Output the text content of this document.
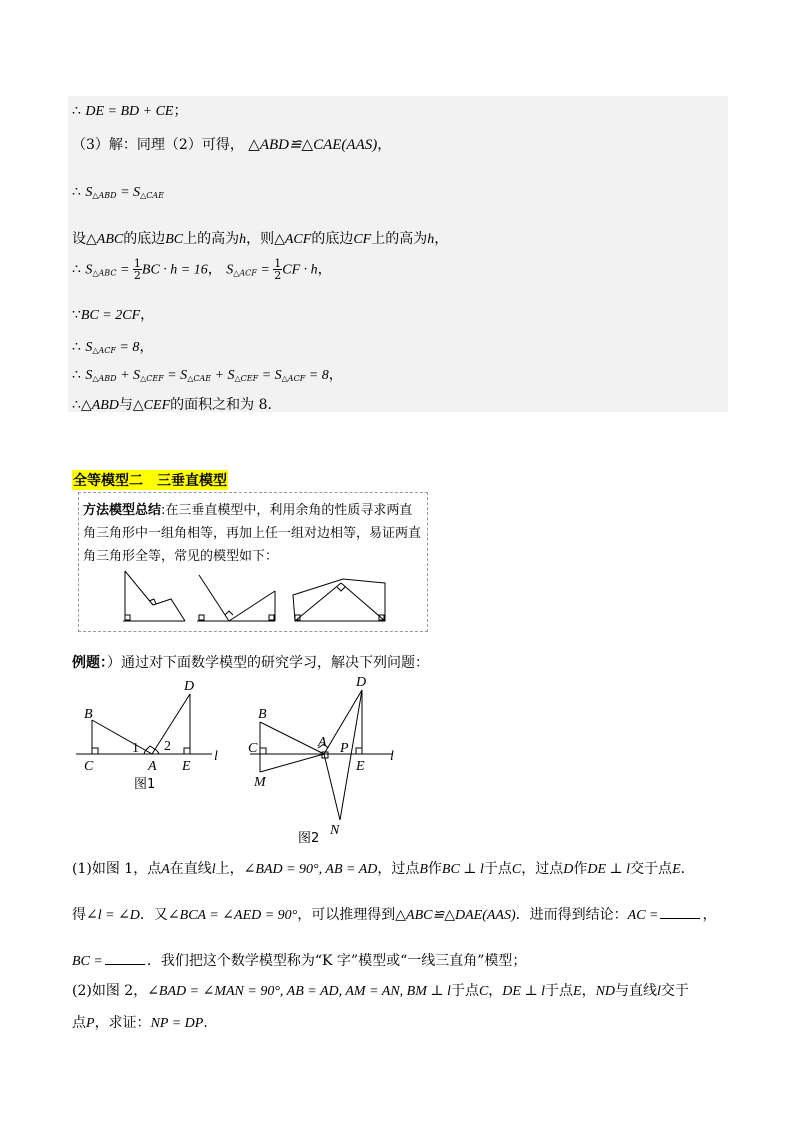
∴ DE = BD + CE；
（3）解：同理（2）可得， △ABD≌△CAE(AAS)，
∴ $S_{\triangle ABD} = S_{\triangle CAE}$
设△ABC的底边BC上的高为h，则△ACF的底边CF上的高为h，
∴ $S_{\triangle ABC} = \frac{1}{2}$ BC · h = 16， $S_{\triangle ACF} = \frac{1}{2}$ CF · h，
∵BC = 2CF，
∴ $S_{\triangle ACF} = 8$，
∴ $S_{\triangle ABD} + S_{\triangle CEF} = S_{\triangle CAE} + S_{\triangle CEF} = S_{\triangle ACF} = 8$，
∴△ABD与△CEF的面积之和为 8.
全等模型二　三垂直模型
方法模型总结:在三垂直模型中，利用余角的性质寻求两直角三角形中一组角相等，再加上任一组对边相等，易证两直角三角形全等，常见的模型如下：
例题：）通过对下面数学模型的研究学习，解决下列问题：
B
D
C	A E
l
1 2
图1
B
C
M
A
D
P
E
l
N
图2
(1)如图 1，点A在直线l上，∠BAD = 90°, AB = AD，过点B作BC ⊥ l于点C，过点D作DE ⊥ l交于点E.
得∠l = ∠D．又∠BCA = ∠AED = 90°，可以推理得到△ABC≌△DAE(AAS)．进而得到结论：AC =	，
BC =	．我们把这个数学模型称为“K 字”模型或“一线三直角”模型；
(2)如图 2，∠BAD = ∠MAN = 90°, AB = AD, AM = AN, BM ⊥ l于点C，DE ⊥ l于点E，ND与直线l交于
点P，求证：NP = DP.
